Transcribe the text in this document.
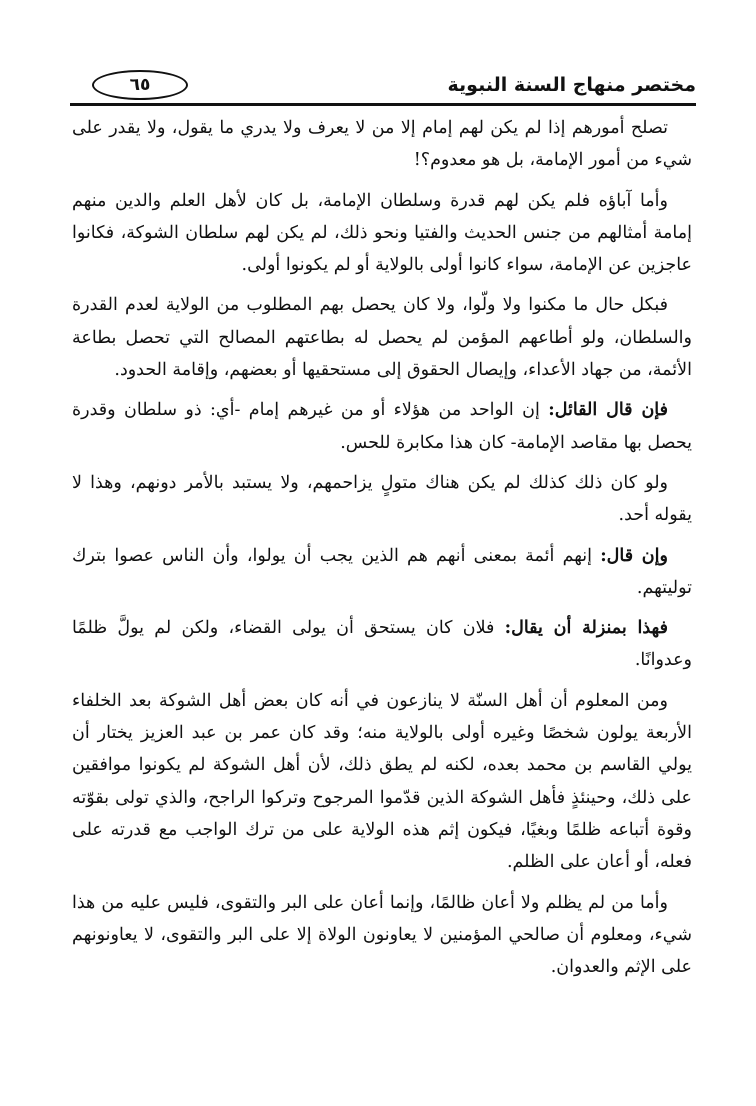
مختصر منهاج السنة النبوية
٦٥

تصلح أمورهم إذا لم يكن لهم إمام إلا من لا يعرف ولا يدري ما يقول، ولا يقدر على شيء من أمور الإمامة، بل هو معدوم؟!

وأما آباؤه فلم يكن لهم قدرة وسلطان الإمامة، بل كان لأهل العلم والدين منهم إمامة أمثالهم من جنس الحديث والفتيا ونحو ذلك، لم يكن لهم سلطان الشوكة، فكانوا عاجزين عن الإمامة، سواء كانوا أولى بالولاية أو لم يكونوا أولى.

فبكل حال ما مكنوا ولا ولّوا، ولا كان يحصل بهم المطلوب من الولاية لعدم القدرة والسلطان، ولو أطاعهم المؤمن لم يحصل له بطاعتهم المصالح التي تحصل بطاعة الأئمة، من جهاد الأعداء، وإيصال الحقوق إلى مستحقيها أو بعضهم، وإقامة الحدود.

فإن قال القائل: إن الواحد من هؤلاء أو من غيرهم إمام -أي: ذو سلطان وقدرة يحصل بها مقاصد الإمامة- كان هذا مكابرة للحس.

ولو كان ذلك كذلك لم يكن هناك متولٍ يزاحمهم، ولا يستبد بالأمر دونهم، وهذا لا يقوله أحد.

وإن قال: إنهم أئمة بمعنى أنهم هم الذين يجب أن يولوا، وأن الناس عصوا بترك توليتهم.

فهذا بمنزلة أن يقال: فلان كان يستحق أن يولى القضاء، ولكن لم يولَّ ظلمًا وعدوانًا.

ومن المعلوم أن أهل السنّة لا ينازعون في أنه كان بعض أهل الشوكة بعد الخلفاء الأربعة يولون شخصًا وغيره أولى بالولاية منه؛ وقد كان عمر بن عبد العزيز يختار أن يولي القاسم بن محمد بعده، لكنه لم يطق ذلك، لأن أهل الشوكة لم يكونوا موافقين على ذلك، وحينئذٍ فأهل الشوكة الذين قدّموا المرجوح وتركوا الراجح، والذي تولى بقوّته وقوة أتباعه ظلمًا وبغيًا، فيكون إثم هذه الولاية على من ترك الواجب مع قدرته على فعله، أو أعان على الظلم.

وأما من لم يظلم ولا أعان ظالمًا، وإنما أعان على البر والتقوى، فليس عليه من هذا شيء، ومعلوم أن صالحي المؤمنين لا يعاونون الولاة إلا على البر والتقوى، لا يعاونونهم على الإثم والعدوان.
